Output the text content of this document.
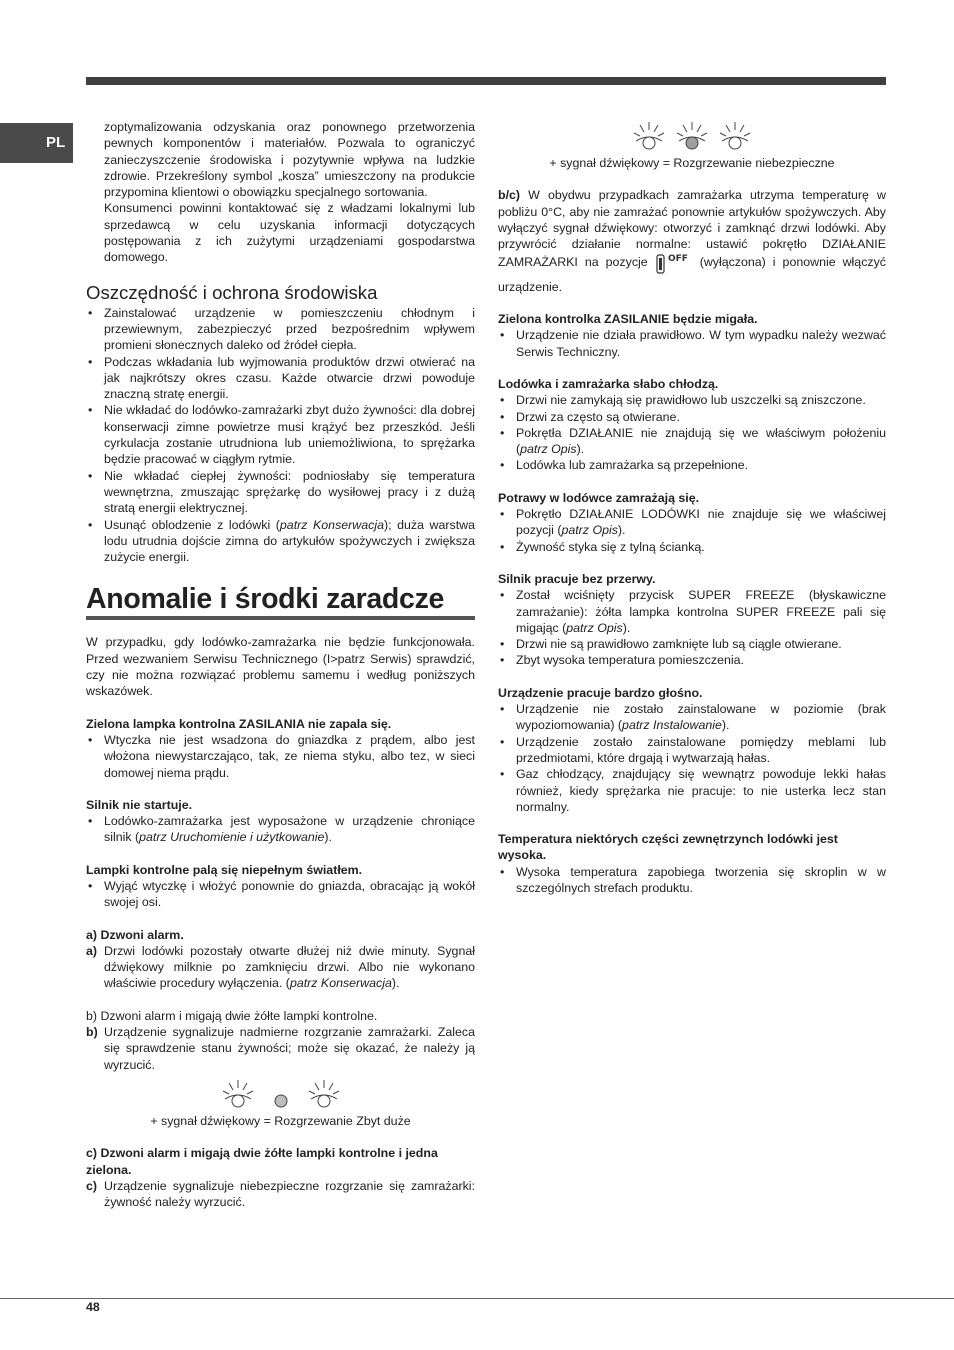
PL

zoptymalizowania odzyskania oraz ponownego przetworzenia pewnych komponentów i materiałów. Pozwala to ograniczyć zanieczyszczenie środowiska i pozytywnie wpływa na ludzkie zdrowie. Przekreślony symbol „kosza” umieszczony na produkcie przypomina klientowi o obowiązku specjalnego sortowania.

Konsumenci powinni kontaktować się z władzami lokalnymi lub sprzedawcą w celu uzyskania informacji dotyczących postępowania z ich zużytymi urządzeniami gospodarstwa domowego.

Oszczędność i ochrona środowiska
• Zainstalować urządzenie w pomieszczeniu chłodnym i przewiewnym, zabezpieczyć przed bezpośrednim wpływem promieni słonecznych daleko od źródeł ciepła.
• Podczas wkładania lub wyjmowania produktów drzwi otwierać na jak najkrótszy okres czasu. Każde otwarcie drzwi powoduje znaczną stratę energii.
• Nie wkładać do lodówko-zamrażarki zbyt dużo żywności: dla dobrej konserwacji zimne powietrze musi krążyć bez przeszkód. Jeśli cyrkulacja zostanie utrudniona lub uniemożliwiona, to sprężarka będzie pracować w ciągłym rytmie.
• Nie wkładać ciepłej żywności: podniosłaby się temperatura wewnętrzna, zmuszając sprężarkę do wysiłowej pracy i z dużą stratą energii elektrycznej.
• Usunąć oblodzenie z lodówki (patrz Konserwacja); duża warstwa lodu utrudnia dojście zimna do artykułów spożywczych i zwiększa zużycie energii.
Anomalie i środki zaradcze

W przypadku, gdy lodówko-zamrażarka nie będzie funkcjonowała. Przed wezwaniem Serwisu Technicznego (I>patrz Serwis) sprawdzić, czy nie można rozwiązać problemu samemu i według poniższych wskazówek.

Zielona lampka kontrolna ZASILANIA nie zapala się.
• Wtyczka nie jest wsadzona do gniazdka z prądem, albo jest włożona niewystarczająco, tak, ze niema styku, albo tez, w sieci domowej niema prądu.
Silnik nie startuje.
• Lodówko-zamrażarka jest wyposażone w urządzenie chroniące silnik (patrz Uruchomienie i użytkowanie).
Lampki kontrolne palą się niepełnym światłem.
• Wyjąć wtyczkę i włożyć ponownie do gniazda, obracając ją wokół swojej osi.
a) Dzwoni alarm.
a) Drzwi lodówki pozostały otwarte dłużej niż dwie minuty. Sygnał dźwiękowy milknie po zamknięciu drzwi. Albo nie wykonano właściwie procedury wyłączenia. (patrz Konserwacja).
b) Dzwoni alarm i migają dwie żółte lampki kontrolne.
b) Urządzenie sygnalizuje nadmierne rozgrzanie zamrażarki. Zaleca się sprawdzenie stanu żywności; może się okazać, że należy ją wyrzucić.
+ sygnał dźwiękowy = Rozgrzewanie Zbyt duże
c) Dzwoni alarm i migają dwie żółte lampki kontrolne i jedna zielona.
c) Urządzenie sygnalizuje niebezpieczne rozgrzanie się zamrażarki: żywność należy wyrzucić.
+ sygnał dźwiękowy = Rozgrzewanie niebezpieczne

b/c) W obydwu przypadkach zamrażarka utrzyma temperaturę w pobliżu 0°C, aby nie zamrażać ponownie artykułów spożywczych. Aby wyłączyć sygnał dźwiękowy: otworzyć i zamknąć drzwi lodówki. Aby przywrócić działanie normalne: ustawić pokrętło DZIAŁANIE ZAMRAŻARKI na pozycje OFF (wyłączona) i ponownie włączyć urządzenie.

Zielona kontrolka ZASILANIE będzie migała.
• Urządzenie nie działa prawidłowo. W tym wypadku należy wezwać Serwis Techniczny.
Lodówka i zamrażarka słabo chłodzą.
• Drzwi nie zamykają się prawidłowo lub uszczelki są zniszczone.
• Drzwi za często są otwierane.
• Pokrętła DZIAŁANIE nie znajdują się we właściwym położeniu (patrz Opis).
• Lodówka lub zamrażarka są przepełnione.
Potrawy w lodówce zamrażają się.
• Pokrętło DZIAŁANIE LODÓWKI nie znajduje się we właściwej pozycji (patrz Opis).
• Żywność styka się z tylną ścianką.
Silnik pracuje bez przerwy.
• Został wciśnięty przycisk SUPER FREEZE (błyskawiczne zamrażanie): żółta lampka kontrolna SUPER FREEZE pali się migając (patrz Opis).
• Drzwi nie są prawidłowo zamknięte lub są ciągle otwierane.
• Zbyt wysoka temperatura pomieszczenia.
Urządzenie pracuje bardzo głośno.
• Urządzenie nie zostało zainstalowane w poziomie (brak wypoziomowania) (patrz Instalowanie).
• Urządzenie zostało zainstalowane pomiędzy meblami lub przedmiotami, które drgają i wytwarzają hałas.
• Gaz chłodzący, znajdujący się wewnątrz powoduje lekki hałas również, kiedy sprężarka nie pracuje: to nie usterka lecz stan normalny.
Temperatura niektórych części zewnętrzynch lodówki jest wysoka.
• Wysoka temperatura zapobiega tworzenia się skroplin w w szczególnych strefach produktu.
48
